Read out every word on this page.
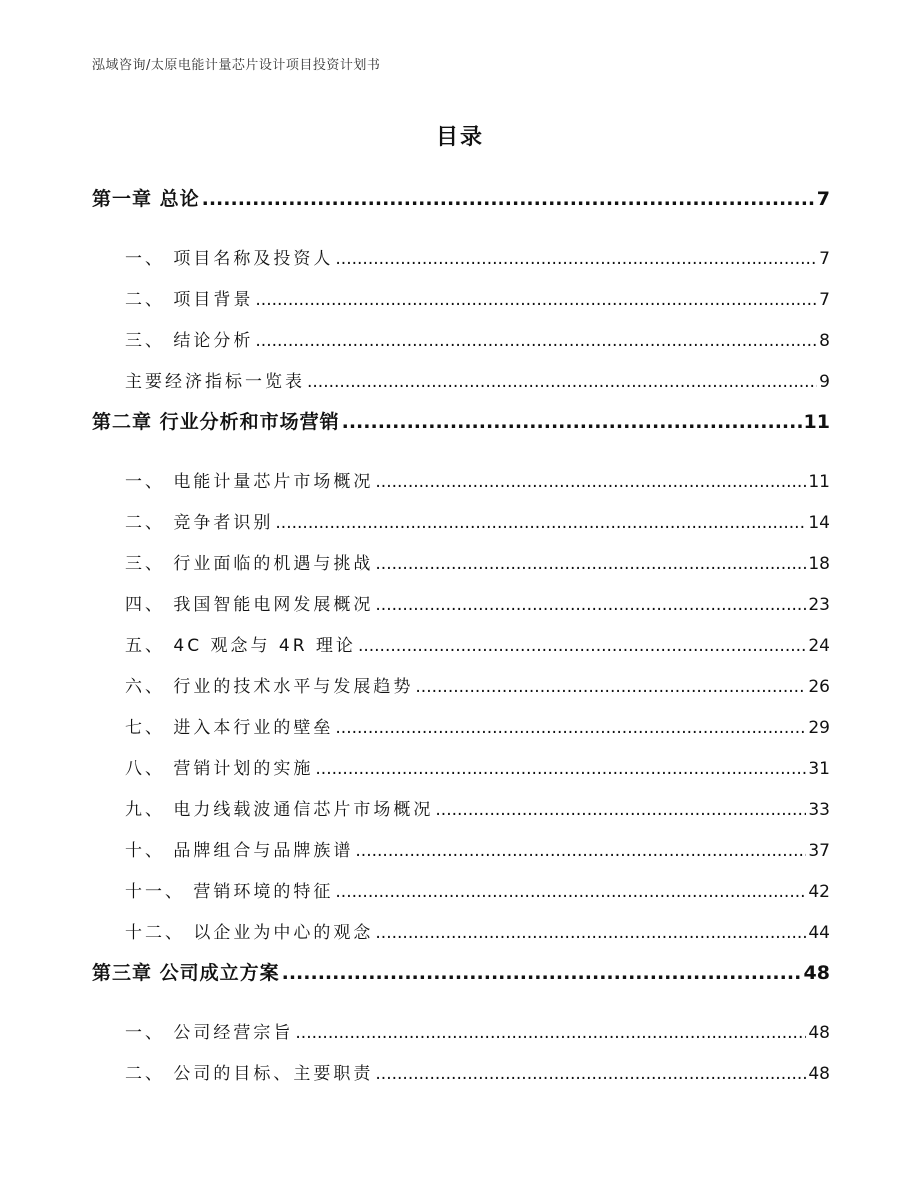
泓域咨询/太原电能计量芯片设计项目投资计划书
目录
第一章 总论 .....	7
一、 项目名称及投资人 .....	7
二、 项目背景 .....	7
三、 结论分析 .....	8
主要经济指标一览表 .....	9
第二章 行业分析和市场营销 .....	11
一、 电能计量芯片市场概况 .....	11
二、 竞争者识别 .....	14
三、 行业面临的机遇与挑战 .....	18
四、 我国智能电网发展概况 .....	23
五、 4C 观念与 4R 理论 .....	24
六、 行业的技术水平与发展趋势 .....	26
七、 进入本行业的壁垒 .....	29
八、 营销计划的实施 .....	31
九、 电力线载波通信芯片市场概况 .....	33
十、 品牌组合与品牌族谱 .....	37
十一、 营销环境的特征 .....	42
十二、 以企业为中心的观念 .....	44
第三章 公司成立方案 .....	48
一、 公司经营宗旨 .....	48
二、 公司的目标、主要职责 .....	48
